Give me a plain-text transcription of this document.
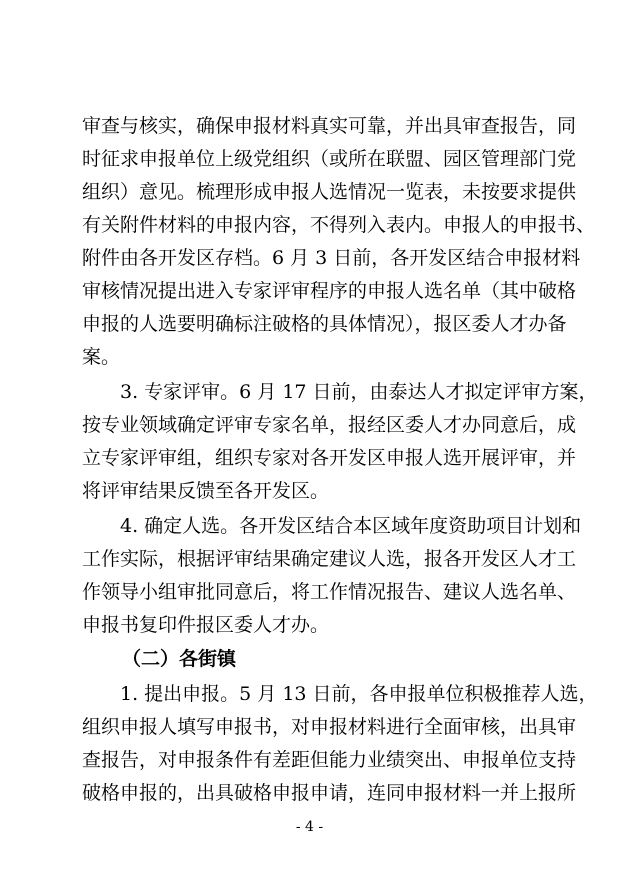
审查与核实，确保申报材料真实可靠，并出具审查报告，同
时征求申报单位上级党组织（或所在联盟、园区管理部门党
组织）意见。梳理形成申报人选情况一览表，未按要求提供
有关附件材料的申报内容，不得列入表内。申报人的申报书、
附件由各开发区存档。6 月 3 日前，各开发区结合申报材料
审核情况提出进入专家评审程序的申报人选名单（其中破格
申报的人选要明确标注破格的具体情况），报区委人才办备
案。
3. 专家评审。6 月 17 日前，由泰达人才拟定评审方案，
按专业领域确定评审专家名单，报经区委人才办同意后，成
立专家评审组，组织专家对各开发区申报人选开展评审，并
将评审结果反馈至各开发区。
4. 确定人选。各开发区结合本区域年度资助项目计划和
工作实际，根据评审结果确定建议人选，报各开发区人才工
作领导小组审批同意后，将工作情况报告、建议人选名单、
申报书复印件报区委人才办。
（二）各街镇
1. 提出申报。5 月 13 日前，各申报单位积极推荐人选，
组织申报人填写申报书，对申报材料进行全面审核，出具审
查报告，对申报条件有差距但能力业绩突出、申报单位支持
破格申报的，出具破格申报申请，连同申报材料一并上报所
- 4 -
